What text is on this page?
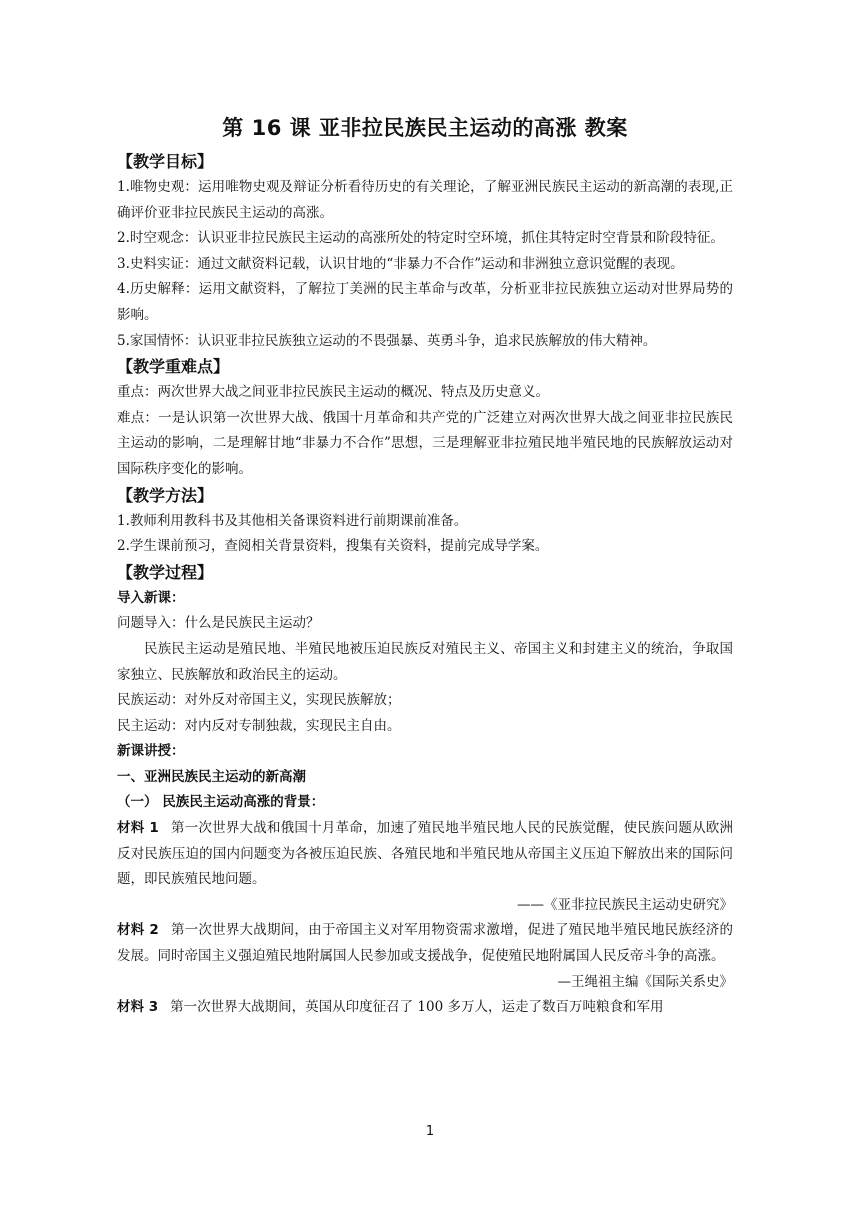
第 16 课 亚非拉民族民主运动的高涨 教案
【教学目标】

1.唯物史观：运用唯物史观及辩证分析看待历史的有关理论，了解亚洲民族民主运动的新高潮的表现,正确评价亚非拉民族民主运动的高涨。

2.时空观念：认识亚非拉民族民主运动的高涨所处的特定时空环境，抓住其特定时空背景和阶段特征。

3.史料实证：通过文献资料记载，认识甘地的“非暴力不合作”运动和非洲独立意识觉醒的表现。

4.历史解释：运用文献资料，了解拉丁美洲的民主革命与改革，分析亚非拉民族独立运动对世界局势的影响。

5.家国情怀：认识亚非拉民族独立运动的不畏强暴、英勇斗争，追求民族解放的伟大精神。

【教学重难点】

重点：两次世界大战之间亚非拉民族民主运动的概况、特点及历史意义。

难点：一是认识第一次世界大战、俄国十月革命和共产党的广泛建立对两次世界大战之间亚非拉民族民主运动的影响，二是理解甘地“非暴力不合作”思想，三是理解亚非拉殖民地半殖民地的民族解放运动对国际秩序变化的影响。

【教学方法】

1.教师利用教科书及其他相关备课资料进行前期课前准备。

2.学生课前预习，查阅相关背景资料，搜集有关资料，提前完成导学案。

【教学过程】

导入新课：

问题导入：什么是民族民主运动？

民族民主运动是殖民地、半殖民地被压迫民族反对殖民主义、帝国主义和封建主义的统治，争取国家独立、民族解放和政治民主的运动。

民族运动：对外反对帝国主义，实现民族解放；

民主运动：对内反对专制独裁，实现民主自由。

新课讲授：

一、亚洲民族民主运动的新高潮

（一） 民族民主运动高涨的背景：

材料 1 第一次世界大战和俄国十月革命，加速了殖民地半殖民地人民的民族觉醒，使民族问题从欧洲反对民族压迫的国内问题变为各被压迫民族、各殖民地和半殖民地从帝国主义压迫下解放出来的国际问题，即民族殖民地问题。

——《亚非拉民族民主运动史研究》

材料 2 第一次世界大战期间，由于帝国主义对军用物资需求激增，促进了殖民地半殖民地民族经济的发展。同时帝国主义强迫殖民地附属国人民参加或支援战争，促使殖民地附属国人民反帝斗争的高涨。

—王绳祖主编《国际关系史》

材料 3 第一次世界大战期间，英国从印度征召了 100 多万人，运走了数百万吨粮食和军用

1
